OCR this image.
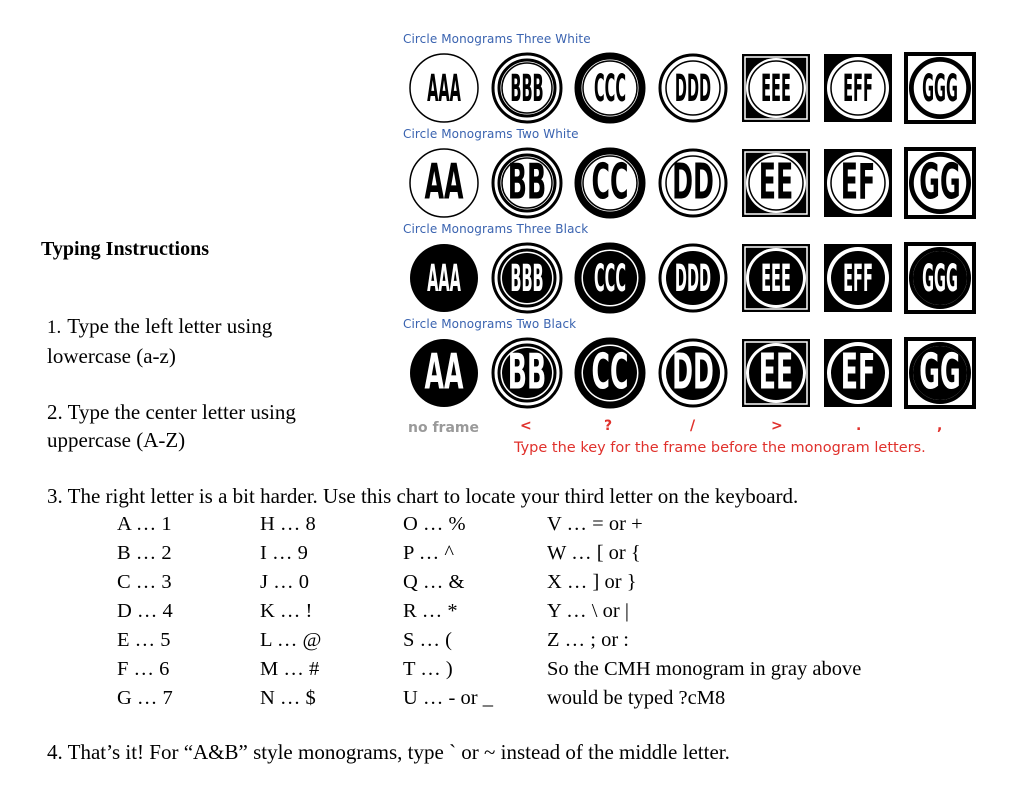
Circle Monograms Three White
AAA BBB CCC DDD EEE EFF GGG
Circle Monograms Two White
AA BB CC DD EE EF GG
Circle Monograms Three Black
AAA BBB CCC DDD EEE EFF GGG
Circle Monograms Two Black
AA BB CC DD EE EF GG
no frame	<	?	/	>	.	,
Type the key for the frame before the monogram letters.
Typing Instructions
1. Type the left letter using
lowercase (a-z)
2. Type the center letter using
uppercase (A-Z)
3. The right letter is a bit harder. Use this chart to locate your third letter on the keyboard.
A … 1
B … 2
C … 3
D … 4
E … 5
F … 6
G … 7
H … 8
I … 9
J … 0
K … !
L … @
M … #
N … $
O … %
P … ^
Q … &
R … *
S … (
T … )
U … - or _
V … = or +
W … [ or {
X … ] or }
Y … \ or |
Z … ; or :
So the CMH monogram in gray above
would be typed ?cM8
4. That’s it! For “A&B” style monograms, type ` or ~ instead of the middle letter.
